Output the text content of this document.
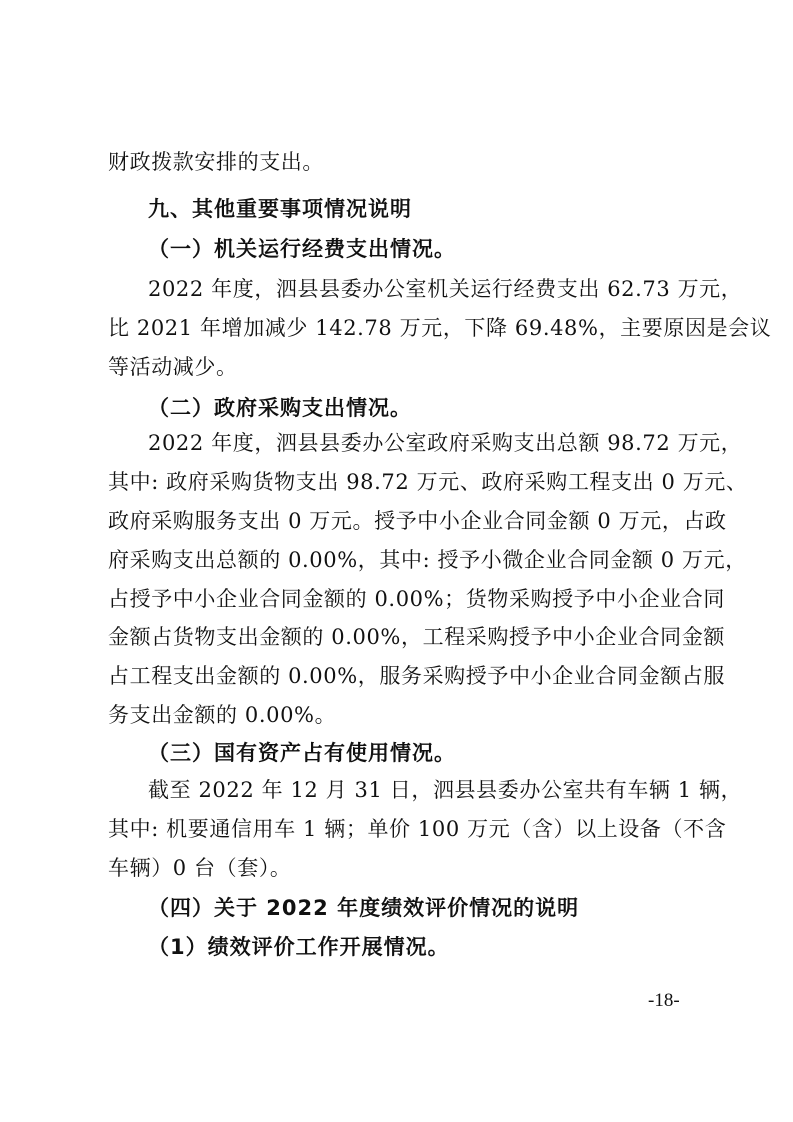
财政拨款安排的支出。
九、其他重要事项情况说明
（一）机关运行经费支出情况。
2022 年度，泗县县委办公室机关运行经费支出 62.73 万元，
比 2021 年增加减少 142.78 万元，下降 69.48%，主要原因是会议
等活动减少。
（二）政府采购支出情况。
2022 年度，泗县县委办公室政府采购支出总额 98.72 万元，
其中: 政府采购货物支出 98.72 万元、政府采购工程支出 0 万元、
政府采购服务支出 0 万元。授予中小企业合同金额 0 万元，占政
府采购支出总额的 0.00%，其中: 授予小微企业合同金额 0 万元，
占授予中小企业合同金额的 0.00%；货物采购授予中小企业合同
金额占货物支出金额的 0.00%，工程采购授予中小企业合同金额
占工程支出金额的 0.00%，服务采购授予中小企业合同金额占服
务支出金额的 0.00%。
（三）国有资产占有使用情况。
截至 2022 年 12 月 31 日，泗县县委办公室共有车辆 1 辆，
其中: 机要通信用车 1 辆；单价 100 万元（含）以上设备（不含
车辆）0 台（套）。
（四）关于 2022 年度绩效评价情况的说明
（1）绩效评价工作开展情况。
-18-
